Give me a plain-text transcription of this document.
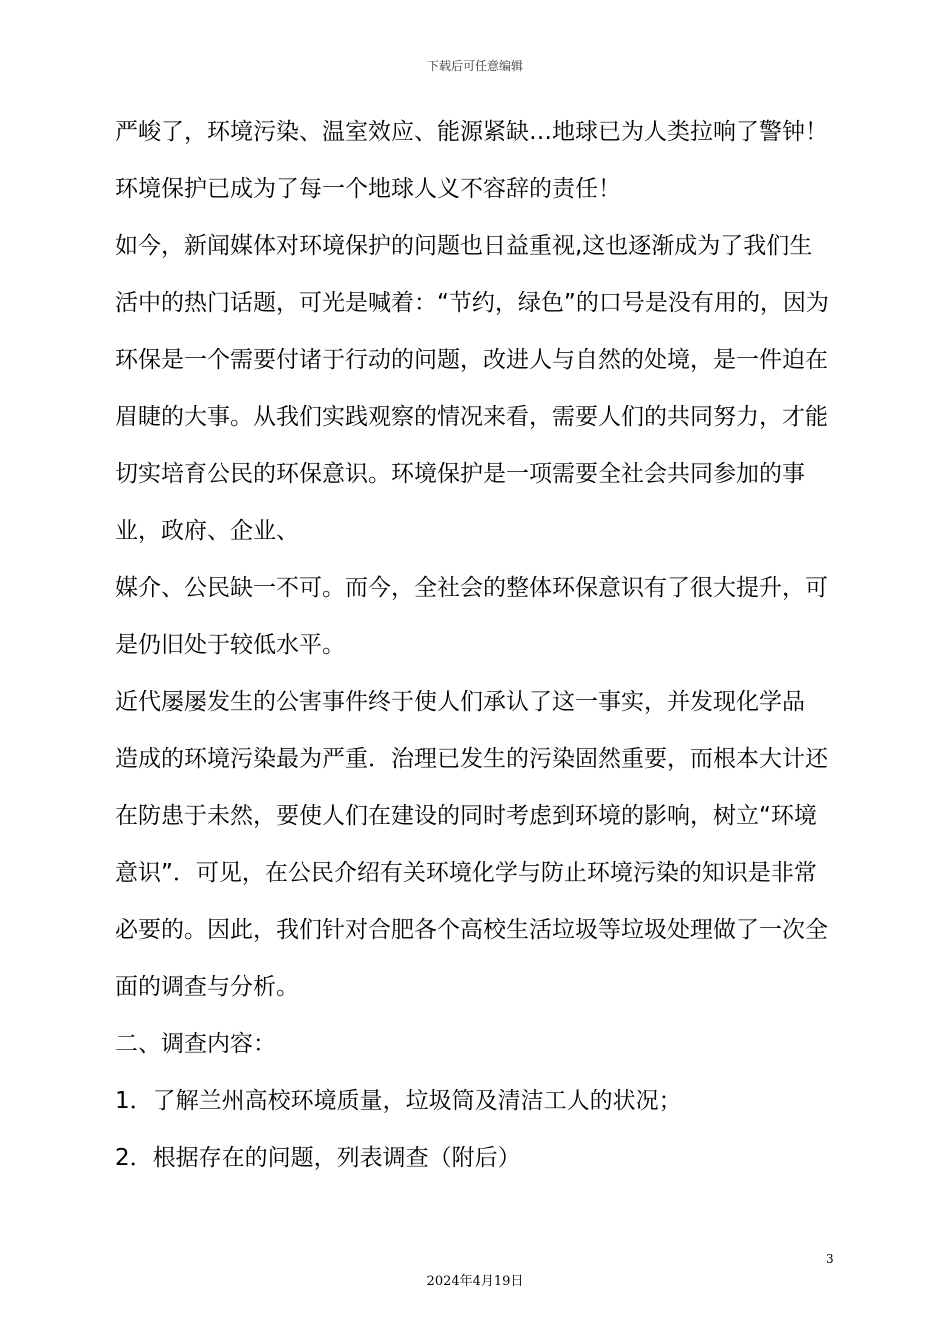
下载后可任意编辑
严峻了，环境污染、温室效应、能源紧缺…地球已为人类拉响了警钟！
环境保护已成为了每一个地球人义不容辞的责任！
如今，新闻媒体对环境保护的问题也日益重视,这也逐渐成为了我们生
活中的热门话题，可光是喊着：“节约，绿色”的口号是没有用的，因为
环保是一个需要付诸于行动的问题，改进人与自然的处境，是一件迫在
眉睫的大事。从我们实践观察的情况来看，需要人们的共同努力，才能
切实培育公民的环保意识。环境保护是一项需要全社会共同参加的事
业，政府、企业、
媒介、公民缺一不可。而今，全社会的整体环保意识有了很大提升，可
是仍旧处于较低水平。
近代屡屡发生的公害事件终于使人们承认了这一事实，并发现化学品
造成的环境污染最为严重．治理已发生的污染固然重要，而根本大计还
在防患于未然，要使人们在建设的同时考虑到环境的影响，树立“环境
意识”．可见，在公民介绍有关环境化学与防止环境污染的知识是非常
必要的。因此，我们针对合肥各个高校生活垃圾等垃圾处理做了一次全
面的调查与分析。
二、调查内容：
1．了解兰州高校环境质量，垃圾筒及清洁工人的状况；
2．根据存在的问题，列表调查（附后）
3
2024年4月19日
